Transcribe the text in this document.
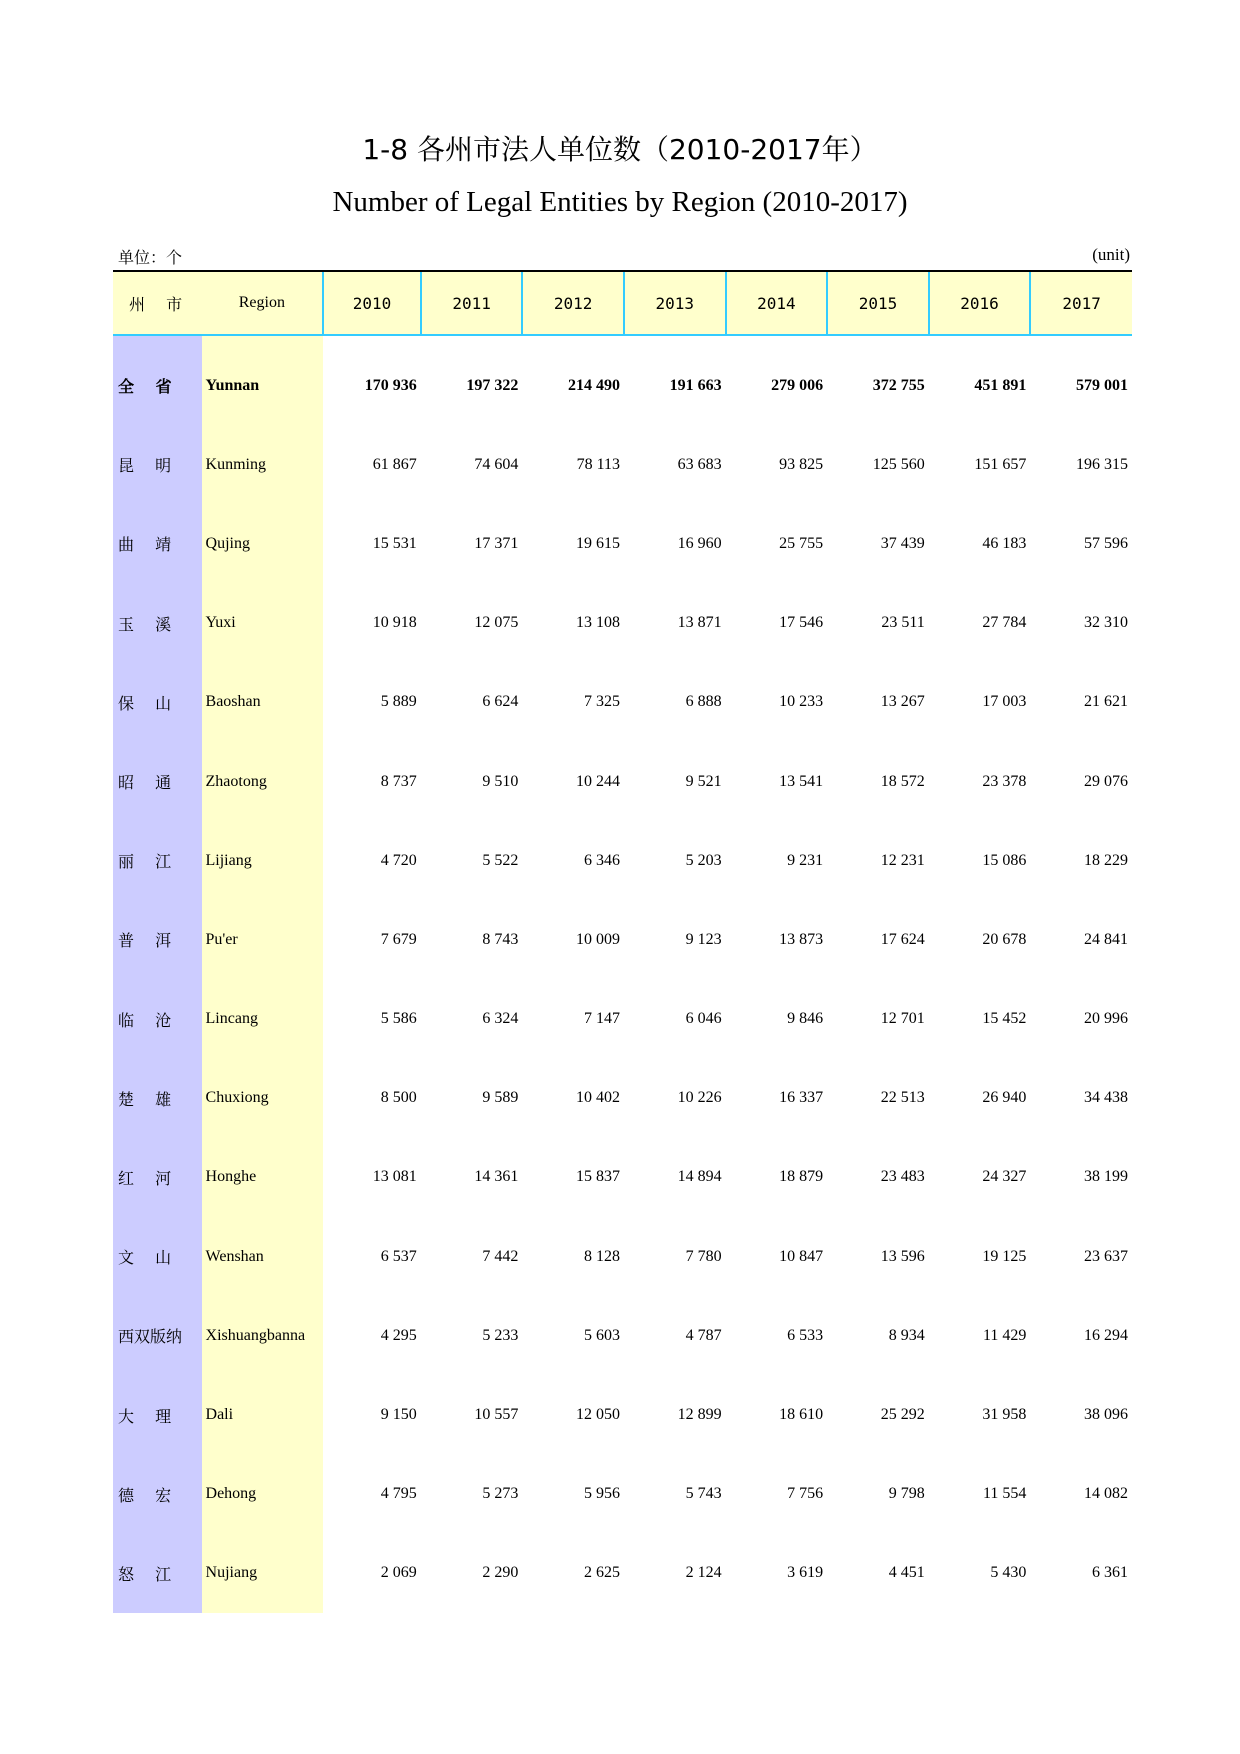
1-8 各州市法人单位数（2010-2017年）
Number of Legal Entities by Region (2010-2017)
单位：个	(unit)
州　 市	Region	2010	2011	2012	2013	2014	2015	2016	2017

全　 省	Yunnan	170 936	197 322	214 490	191 663	279 006	372 755	451 891	579 001
昆　 明	Kunming	61 867	74 604	78 113	63 683	93 825	125 560	151 657	196 315
曲　 靖	Qujing	15 531	17 371	19 615	16 960	25 755	37 439	46 183	57 596
玉　 溪	Yuxi	10 918	12 075	13 108	13 871	17 546	23 511	27 784	32 310
保　 山	Baoshan	5 889	6 624	7 325	6 888	10 233	13 267	17 003	21 621
昭　 通	Zhaotong	8 737	9 510	10 244	9 521	13 541	18 572	23 378	29 076
丽　 江	Lijiang	4 720	5 522	6 346	5 203	9 231	12 231	15 086	18 229
普　 洱	Pu'er	7 679	8 743	10 009	9 123	13 873	17 624	20 678	24 841
临　 沧	Lincang	5 586	6 324	7 147	6 046	9 846	12 701	15 452	20 996
楚　 雄	Chuxiong	8 500	9 589	10 402	10 226	16 337	22 513	26 940	34 438
红　 河	Honghe	13 081	14 361	15 837	14 894	18 879	23 483	24 327	38 199
文　 山	Wenshan	6 537	7 442	8 128	7 780	10 847	13 596	19 125	23 637
西双版纳	Xishuangbanna	4 295	5 233	5 603	4 787	6 533	8 934	11 429	16 294
大　 理	Dali	9 150	10 557	12 050	12 899	18 610	25 292	31 958	38 096
德　 宏	Dehong	4 795	5 273	5 956	5 743	7 756	9 798	11 554	14 082
怒　 江	Nujiang	2 069	2 290	2 625	2 124	3 619	4 451	5 430	6 361
